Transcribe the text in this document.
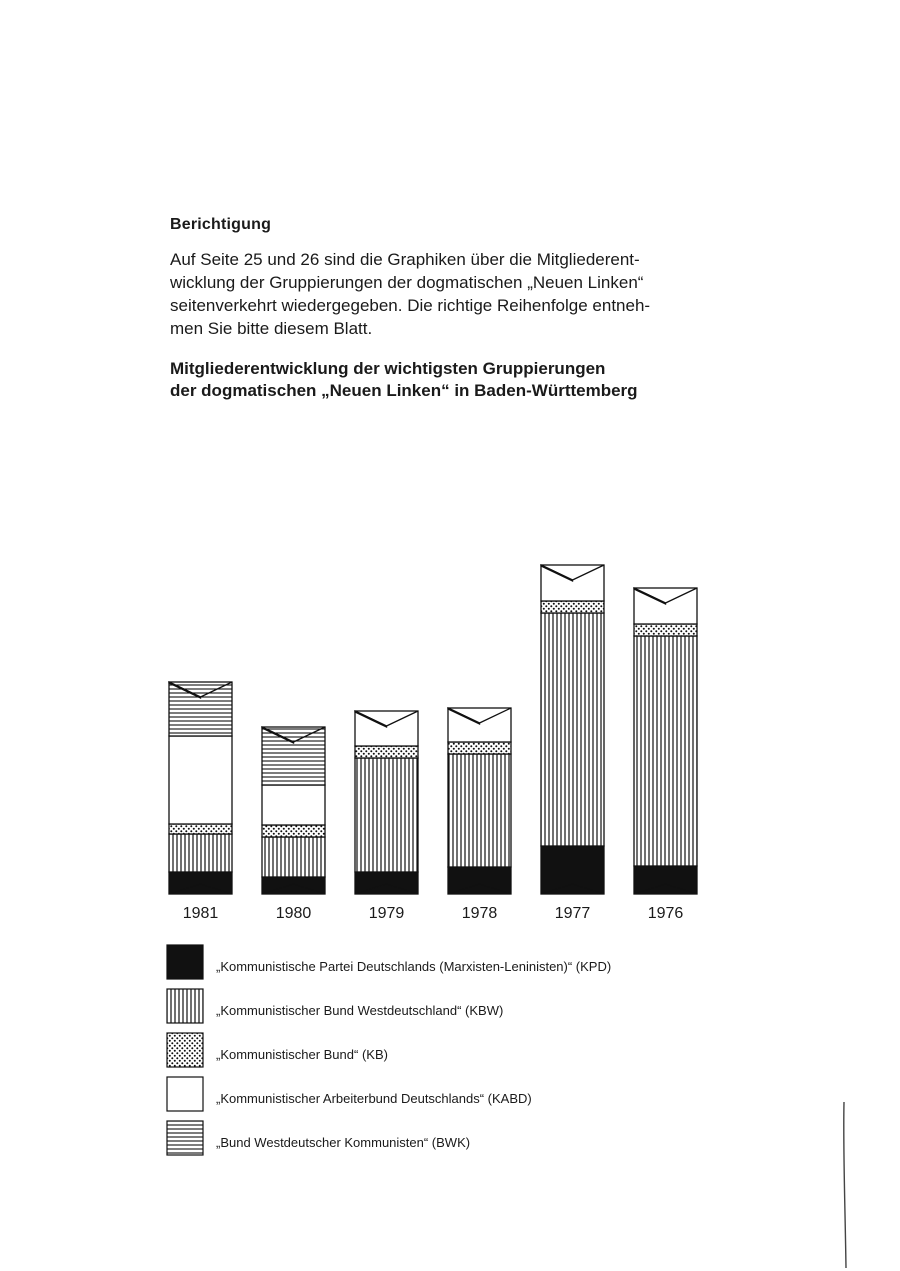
Berichtigung
Auf Seite 25 und 26 sind die Graphiken über die Mitgliederent-
wicklung der Gruppierungen der dogmatischen „Neuen Linken“
seitenverkehrt wiedergegeben. Die richtige Reihenfolge entneh-
men Sie bitte diesem Blatt.
Mitgliederentwicklung der wichtigsten Gruppierungen
der dogmatischen „Neuen Linken“ in Baden-Württemberg
1981	1980	1979	1978	1977	1976
„Kommunistische Partei Deutschlands (Marxisten-Leninisten)“ (KPD)
„Kommunistischer Bund Westdeutschland“ (KBW)
„Kommunistischer Bund“ (KB)
„Kommunistischer Arbeiterbund Deutschlands“ (KABD)
„Bund Westdeutscher Kommunisten“ (BWK)
